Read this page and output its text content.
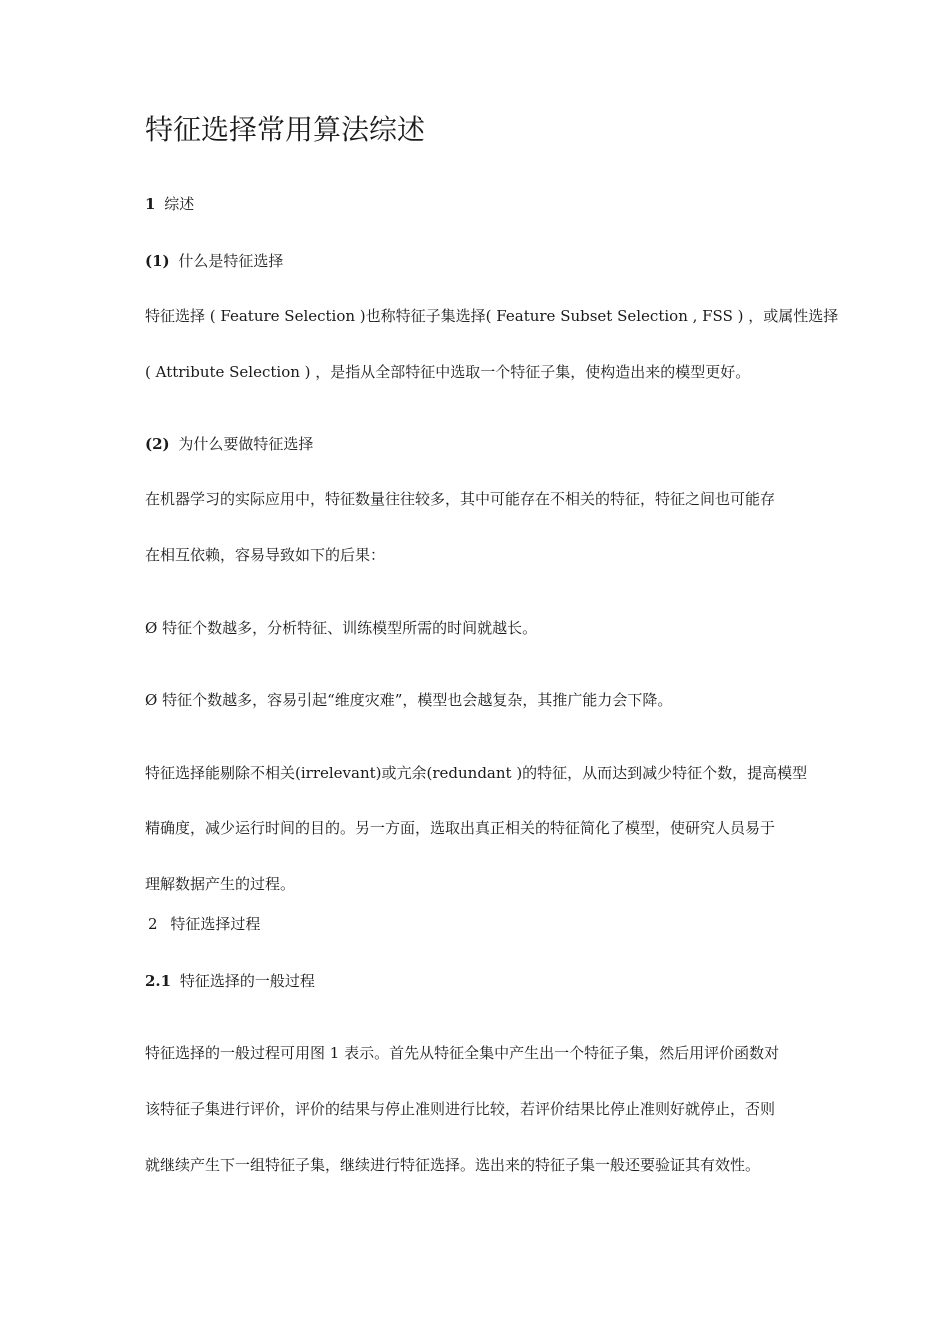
特征选择常用算法综述
1 综述
(1) 什么是特征选择

特征选择 ( Feature Selection )也称特征子集选择( Feature Subset Selection , FSS ) ，或属性选择

( Attribute Selection ) ，是指从全部特征中选取一个特征子集，使构造出来的模型更好。

(2) 为什么要做特征选择

在机器学习的实际应用中，特征数量往往较多，其中可能存在不相关的特征，特征之间也可能存

在相互依赖，容易导致如下的后果：

Ø 特征个数越多，分析特征、训练模型所需的时间就越长。

Ø 特征个数越多，容易引起“维度灾难”，模型也会越复杂，其推广能力会下降。

特征选择能剔除不相关(irrelevant)或亢余(redundant )的特征，从而达到减少特征个数，提高模型

精确度，减少运行时间的目的。另一方面，选取出真正相关的特征简化了模型，使研究人员易于

理解数据产生的过程。

2 特征选择过程
2.1 特征选择的一般过程

特征选择的一般过程可用图 1 表示。首先从特征全集中产生出一个特征子集，然后用评价函数对

该特征子集进行评价，评价的结果与停止准则进行比较，若评价结果比停止准则好就停止，否则

就继续产生下一组特征子集，继续进行特征选择。选出来的特征子集一般还要验证其有效性。
